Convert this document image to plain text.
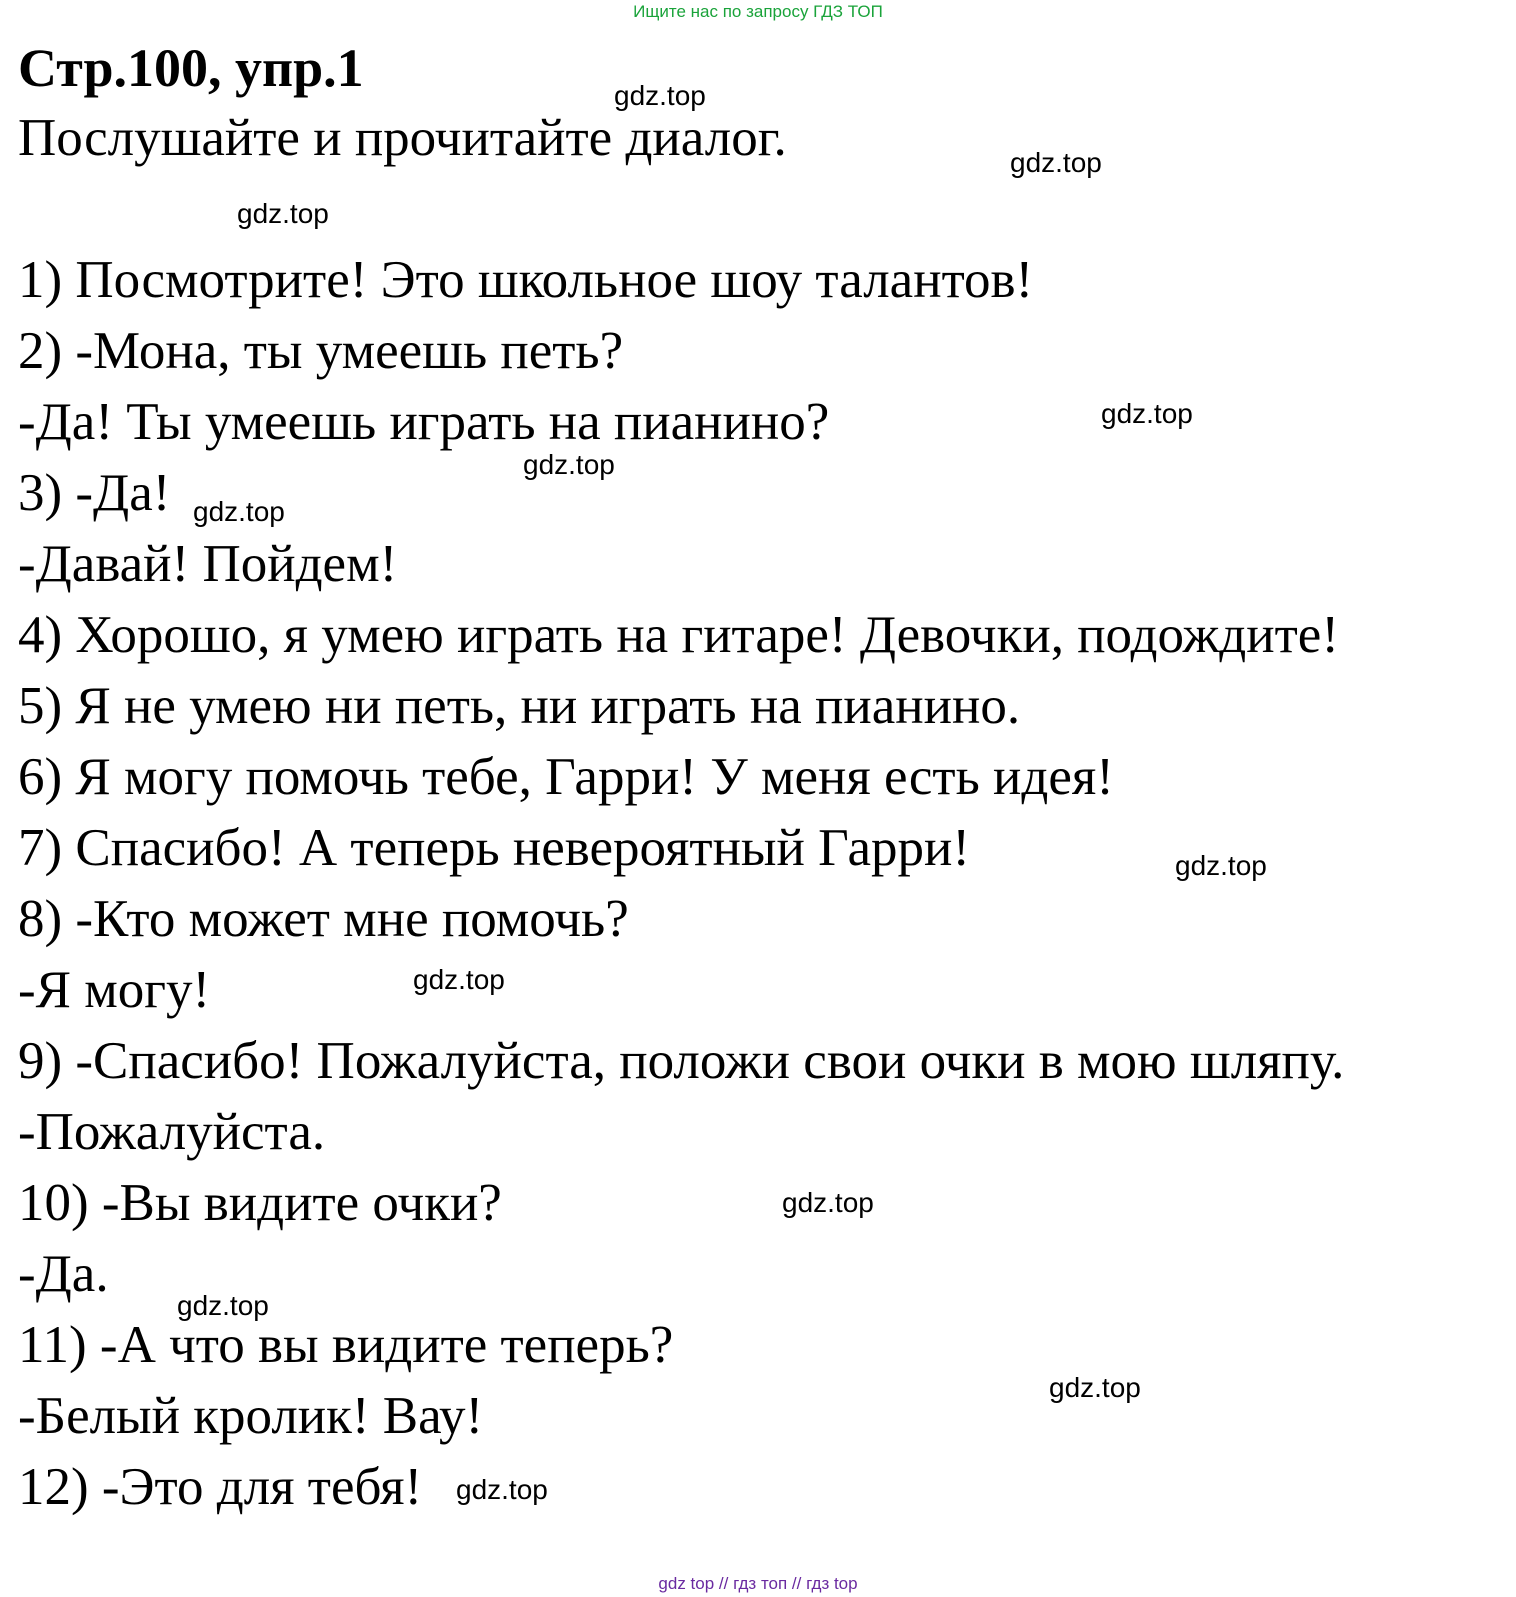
Ищите нас по запросу ГДЗ ТОП
Стр.100, упр.1
Послушайте и прочитайте диалог.
1) Посмотрите! Это школьное шоу талантов!
2) -Мона, ты умеешь петь?
-Да! Ты умеешь играть на пианино?
3) -Да!
-Давай! Пойдем!
4) Хорошо, я умею играть на гитаре! Девочки, подождите!
5) Я не умею ни петь, ни играть на пианино.
6) Я могу помочь тебе, Гарри! У меня есть идея!
7) Спасибо! А теперь невероятный Гарри!
8) -Кто может мне помочь?
-Я могу!
9) -Спасибо! Пожалуйста, положи свои очки в мою шляпу.
-Пожалуйста.
10) -Вы видите очки?
-Да.
11) -А что вы видите теперь?
-Белый кролик! Вау!
12) -Это для тебя!
gdz.top
gdz.top
gdz.top
gdz.top
gdz.top
gdz.top
gdz.top
gdz.top
gdz.top
gdz.top
gdz.top
gdz.top
gdz top // гдз топ // гдз top
